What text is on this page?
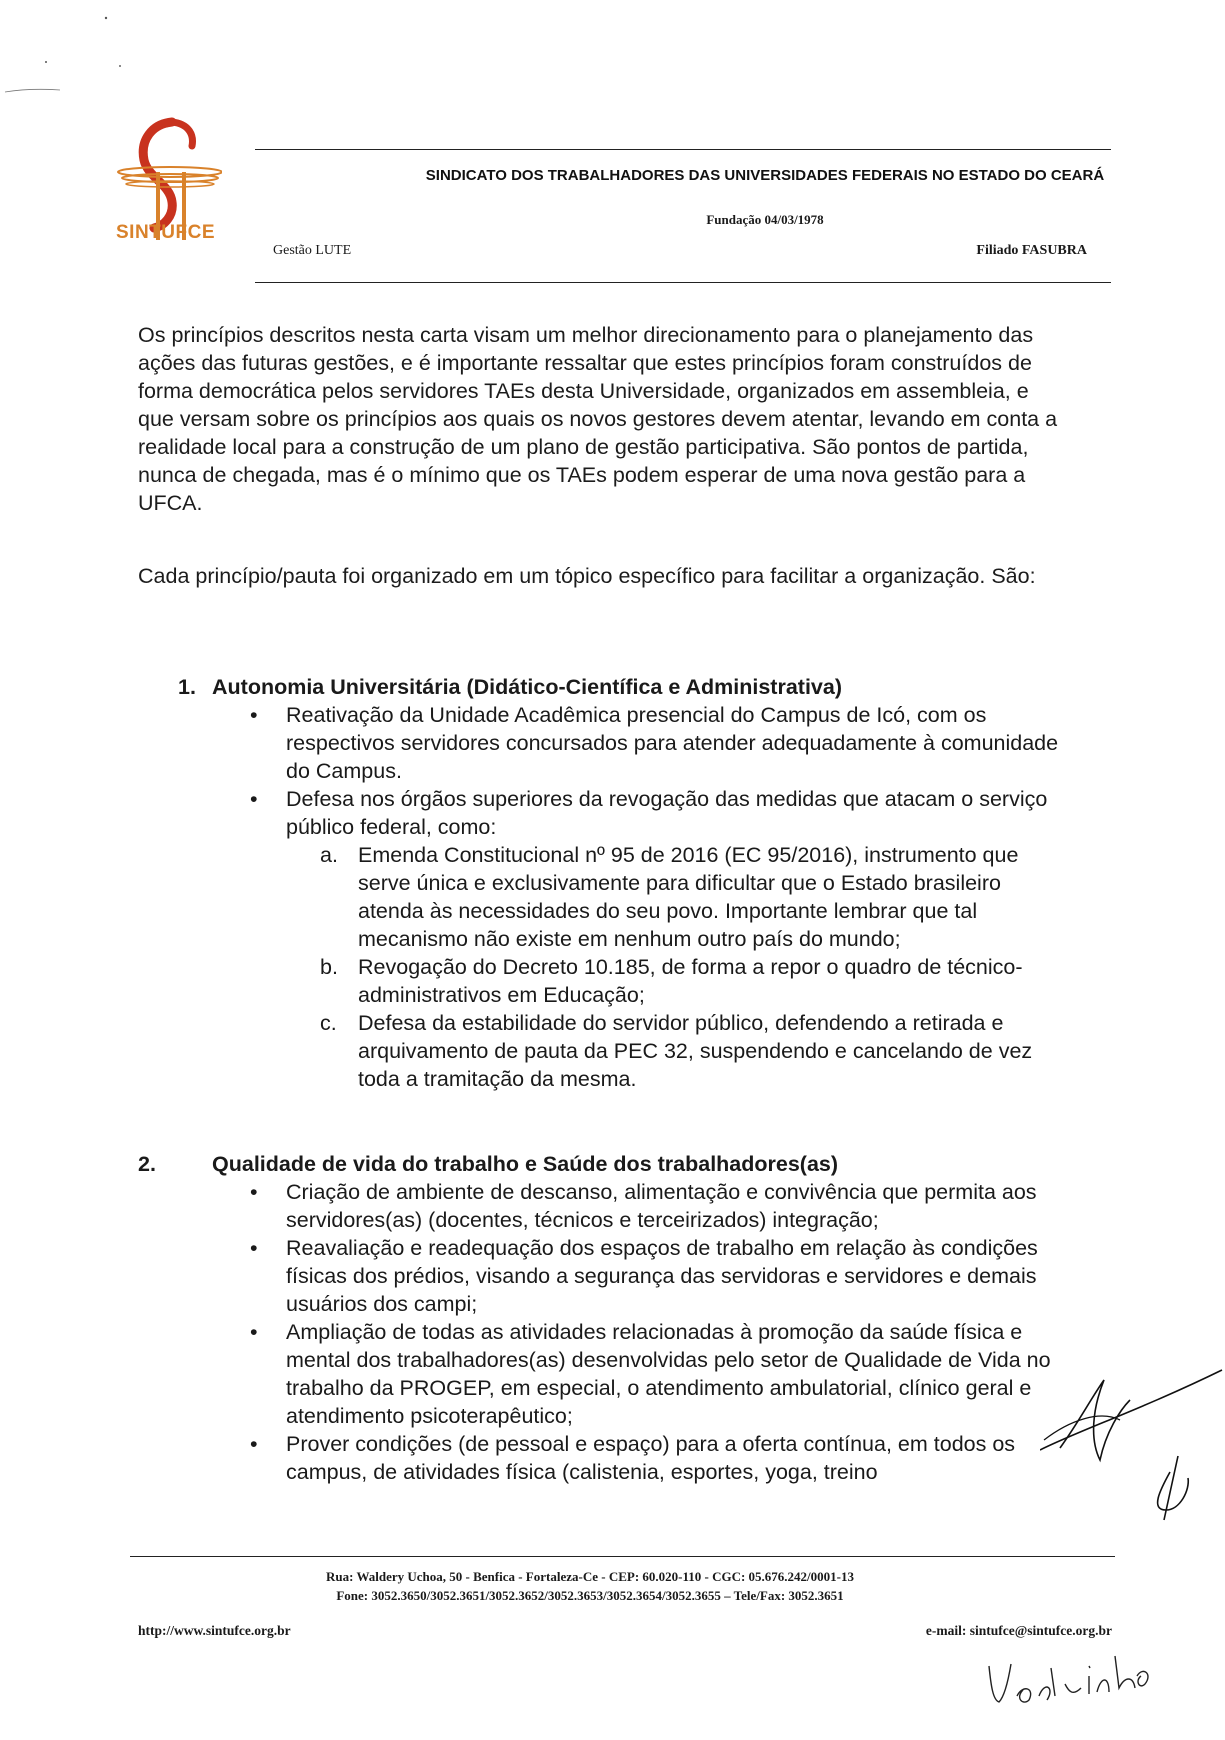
SINTUFCE
SINDICATO DOS TRABALHADORES DAS UNIVERSIDADES FEDERAIS NO ESTADO DO CEARÁ
Fundação 04/03/1978
Gestão LUTE	Filiado FASUBRA
Os princípios descritos nesta carta visam um melhor direcionamento para o planejamento das ações das futuras gestões, e é importante ressaltar que estes princípios foram construídos de forma democrática pelos servidores TAEs desta Universidade, organizados em assembleia, e que versam sobre os princípios aos quais os novos gestores devem atentar, levando em conta a realidade local para a construção de um plano de gestão participativa. São pontos de partida, nunca de chegada, mas é o mínimo que os TAEs podem esperar de uma nova gestão para a UFCA.
Cada princípio/pauta foi organizado em um tópico específico para facilitar a organização. São:
1. Autonomia Universitária (Didático-Científica e Administrativa)
•	Reativação da Unidade Acadêmica presencial do Campus de Icó, com os respectivos servidores concursados para atender adequadamente à comunidade do Campus.
•	Defesa nos órgãos superiores da revogação das medidas que atacam o serviço público federal, como:
a. Emenda Constitucional nº 95 de 2016 (EC 95/2016), instrumento que serve única e exclusivamente para dificultar que o Estado brasileiro atenda às necessidades do seu povo. Importante lembrar que tal mecanismo não existe em nenhum outro país do mundo;
b. Revogação do Decreto 10.185, de forma a repor o quadro de técnico-administrativos em Educação;
c. Defesa da estabilidade do servidor público, defendendo a retirada e arquivamento de pauta da PEC 32, suspendendo e cancelando de vez toda a tramitação da mesma.
2.	Qualidade de vida do trabalho e Saúde dos trabalhadores(as)
•	Criação de ambiente de descanso, alimentação e convivência que permita aos servidores(as) (docentes, técnicos e terceirizados) integração;
•	Reavaliação e readequação dos espaços de trabalho em relação às condições físicas dos prédios, visando a segurança das servidoras e servidores e demais usuários dos campi;
•	Ampliação de todas as atividades relacionadas à promoção da saúde física e mental dos trabalhadores(as) desenvolvidas pelo setor de Qualidade de Vida no trabalho da PROGEP, em especial, o atendimento ambulatorial, clínico geral e atendimento psicoterapêutico;
•	Prover condições (de pessoal e espaço) para a oferta contínua, em todos os campus, de atividades física (calistenia, esportes, yoga, treino
Rua: Waldery Uchoa, 50 - Benfica - Fortaleza-Ce - CEP: 60.020-110 - CGC: 05.676.242/0001-13
Fone: 3052.3650/3052.3651/3052.3652/3052.3653/3052.3654/3052.3655 – Tele/Fax: 3052.3651
http://www.sintufce.org.br	e-mail: sintufce@sintufce.org.br
